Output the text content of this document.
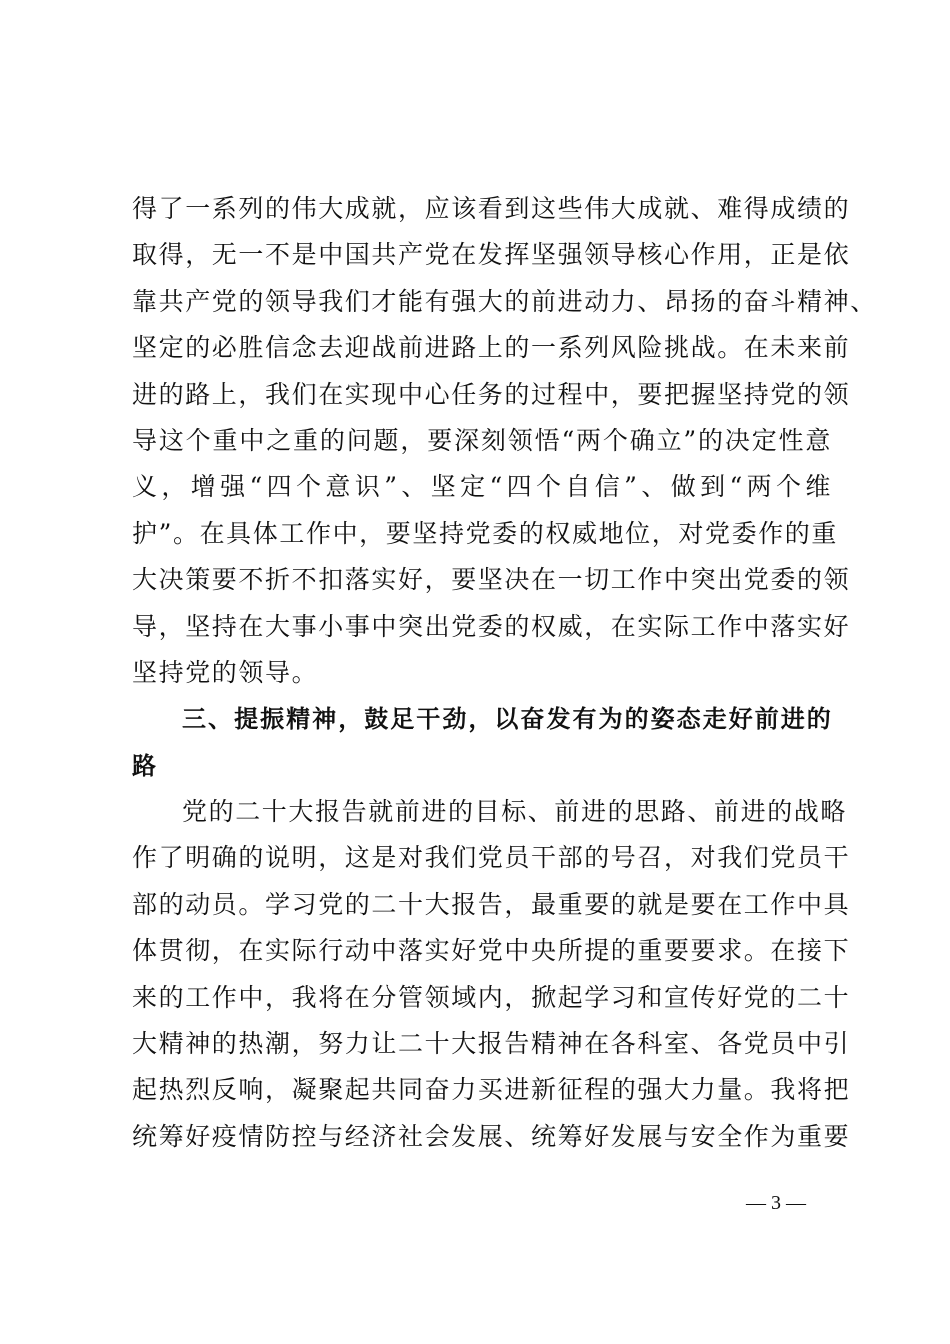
得了一系列的伟大成就，应该看到这些伟大成就、难得成绩的
取得，无一不是中国共产党在发挥坚强领导核心作用，正是依
靠共产党的领导我们才能有强大的前进动力、昂扬的奋斗精神、
坚定的必胜信念去迎战前进路上的一系列风险挑战。在未来前
进的路上，我们在实现中心任务的过程中，要把握坚持党的领
导这个重中之重的问题，要深刻领悟“两个确立”的决定性意
义，增强“四个意识”、坚定“四个自信”、做到“两个维
护”。在具体工作中，要坚持党委的权威地位，对党委作的重
大决策要不折不扣落实好，要坚决在一切工作中突出党委的领
导，坚持在大事小事中突出党委的权威，在实际工作中落实好
坚持党的领导。
三、提振精神，鼓足干劲，以奋发有为的姿态走好前进的
路
党的二十大报告就前进的目标、前进的思路、前进的战略
作了明确的说明，这是对我们党员干部的号召，对我们党员干
部的动员。学习党的二十大报告，最重要的就是要在工作中具
体贯彻，在实际行动中落实好党中央所提的重要要求。在接下
来的工作中，我将在分管领域内，掀起学习和宣传好党的二十
大精神的热潮，努力让二十大报告精神在各科室、各党员中引
起热烈反响，凝聚起共同奋力买进新征程的强大力量。我将把
统筹好疫情防控与经济社会发展、统筹好发展与安全作为重要
— 3 —
